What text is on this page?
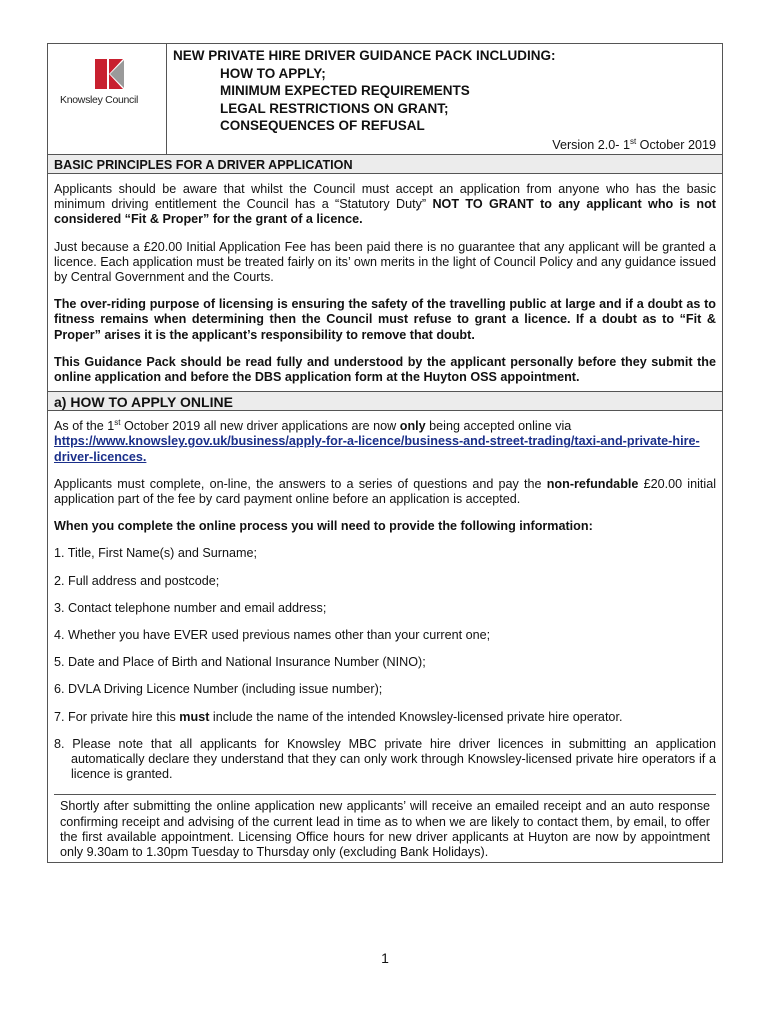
Knowsley Council
NEW PRIVATE HIRE DRIVER GUIDANCE PACK INCLUDING:
HOW TO APPLY;
MINIMUM EXPECTED REQUIREMENTS
LEGAL RESTRICTIONS ON GRANT;
CONSEQUENCES OF REFUSAL
Version 2.0- 1st October 2019
BASIC PRINCIPLES FOR A DRIVER APPLICATION

Applicants should be aware that whilst the Council must accept an application from anyone who has the basic minimum driving entitlement the Council has a “Statutory Duty” NOT TO GRANT to any applicant who is not considered “Fit & Proper” for the grant of a licence.

Just because a £20.00 Initial Application Fee has been paid there is no guarantee that any applicant will be granted a licence. Each application must be treated fairly on its’ own merits in the light of Council Policy and any guidance issued by Central Government and the Courts.

The over-riding purpose of licensing is ensuring the safety of the travelling public at large and if a doubt as to fitness remains when determining then the Council must refuse to grant a licence. If a doubt as to “Fit & Proper” arises it is the applicant’s responsibility to remove that doubt.

This Guidance Pack should be read fully and understood by the applicant personally before they submit the online application and before the DBS application form at the Huyton OSS appointment.

a) HOW TO APPLY ONLINE

As of the 1st October 2019 all new driver applications are now only being accepted online via
https://www.knowsley.gov.uk/business/apply-for-a-licence/business-and-street-trading/taxi-and-private-hire-driver-licences.

Applicants must complete, on-line, the answers to a series of questions and pay the non-refundable £20.00 initial application part of the fee by card payment online before an application is accepted.

When you complete the online process you will need to provide the following information:

1. Title, First Name(s) and Surname;
2. Full address and postcode;
3. Contact telephone number and email address;
4. Whether you have EVER used previous names other than your current one;
5. Date and Place of Birth and National Insurance Number (NINO);
6. DVLA Driving Licence Number (including issue number);
7. For private hire this must include the name of the intended Knowsley-licensed private hire operator.
8. Please note that all applicants for Knowsley MBC private hire driver licences in submitting an application automatically declare they understand that they can only work through Knowsley-licensed private hire operators if a licence is granted.

Shortly after submitting the online application new applicants’ will receive an emailed receipt and an auto response confirming receipt and advising of the current lead in time as to when we are likely to contact them, by email, to offer the first available appointment. Licensing Office hours for new driver applicants at Huyton are now by appointment only 9.30am to 1.30pm Tuesday to Thursday only (excluding Bank Holidays).

1
